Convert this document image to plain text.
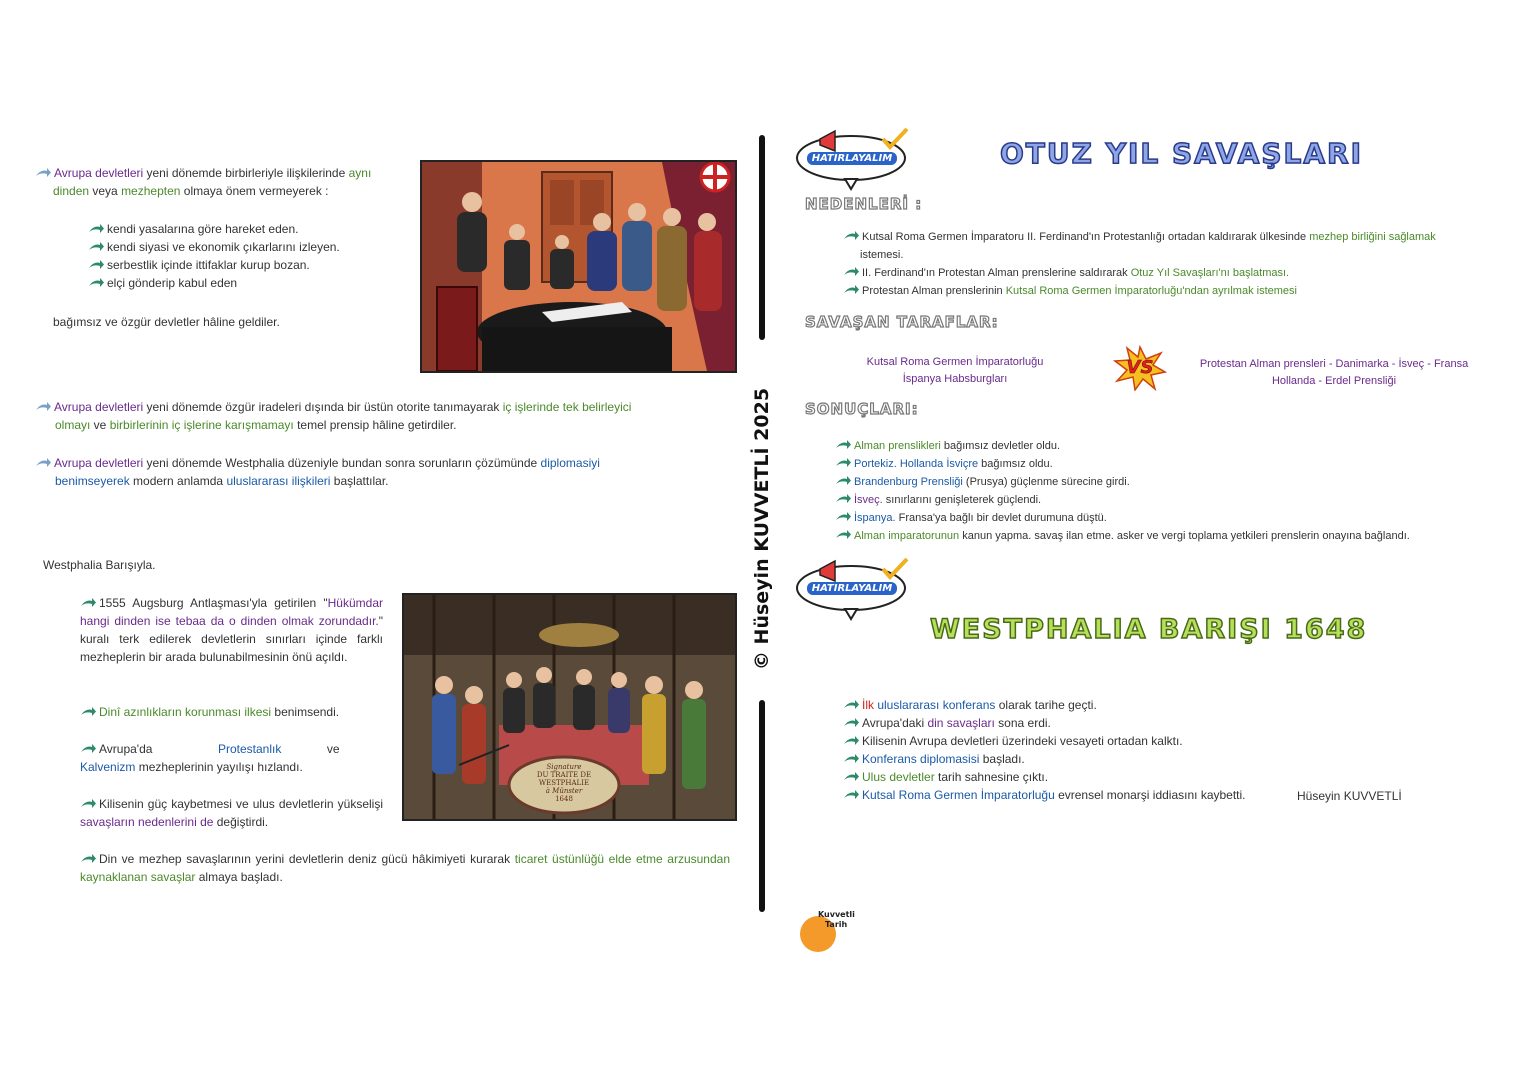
Avrupa devletleri yeni dönemde birbirleriyle ilişkilerinde aynı
dinden veya mezhepten olmaya önem vermeyerek :
kendi yasalarına göre hareket eden.
kendi siyasi ve ekonomik çıkarlarını izleyen.
serbestlik içinde ittifaklar kurup bozan.
elçi gönderip kabul eden
bağımsız ve özgür devletler hâline geldiler.
Avrupa devletleri yeni dönemde özgür iradeleri dışında bir üstün otorite tanımayarak iç işlerinde tek belirleyici
olmayı ve birbirlerinin iç işlerine karışmamayı temel prensip hâline getirdiler.
Avrupa devletleri yeni dönemde Westphalia düzeniyle bundan sonra sorunların çözümünde diplomasiyi
benimseyerek modern anlamda uluslararası ilişkileri başlattılar.
Westphalia Barışıyla.
1555 Augsburg Antlaşması'yla getirilen "Hükümdar hangi dinden ise tebaa da o dinden olmak zorundadır." kuralı terk edilerek devletlerin sınırları içinde farklı mezheplerin bir arada bulunabilmesinin önü açıldı.
Dinî azınlıkların korunması ilkesi benimsendi.
Avrupa'da	Protestanlık ve Kalvenizm mezheplerinin yayılışı hızlandı.
Kilisenin güç kaybetmesi ve ulus devletlerin yükselişi savaşların nedenlerini de değiştirdi.
Din ve mezhep savaşlarının yerini devletlerin deniz gücü hâkimiyeti kurarak ticaret üstünlüğü elde etme arzusundan kaynaklanan savaşlar almaya başladı.
Signature
DU TRAITE DE
WESTPHALIE
à Münster
1648
© Hüseyin KUVVETLİ 2025
HATIRLAYALIM	OTUZ YIL SAVAŞLARI
NEDENLERİ :
Kutsal Roma Germen İmparatoru II. Ferdinand'ın Protestanlığı ortadan kaldırarak ülkesinde mezhep birliğini sağlamak
istemesi.
II. Ferdinand'ın Protestan Alman prenslerine saldırarak Otuz Yıl Savaşları'nı başlatması.
Protestan Alman prenslerinin Kutsal Roma Germen İmparatorluğu'ndan ayrılmak istemesi
SAVAŞAN TARAFLAR:
Kutsal Roma Germen İmparatorluğu
İspanya Habsburgları
VS	Protestan Alman prensleri - Danimarka - İsveç - Fransa
Hollanda - Erdel Prensliği
SONUÇLARI:
Alman prenslikleri bağımsız devletler oldu.
Portekiz. Hollanda İsviçre bağımsız oldu.
Brandenburg Prensliği (Prusya) güçlenme sürecine girdi.
İsveç. sınırlarını genişleterek güçlendi.
İspanya. Fransa'ya bağlı bir devlet durumuna düştü.
Alman imparatorunun kanun yapma. savaş ilan etme. asker ve vergi toplama yetkileri prenslerin onayına bağlandı.
HATIRLAYALIM
WESTPHALIA BARIŞI 1648
İlk uluslararası konferans olarak tarihe geçti.
Avrupa'daki din savaşları sona erdi.
Kilisenin Avrupa devletleri üzerindeki vesayeti ortadan kalktı.
Konferans diplomasisi başladı.
Ulus devletler tarih sahnesine çıktı.
Kutsal Roma Germen İmparatorluğu evrensel monarşi iddiasını kaybetti.	Hüseyin KUVVETLİ
Kuvvetli
Tarih
